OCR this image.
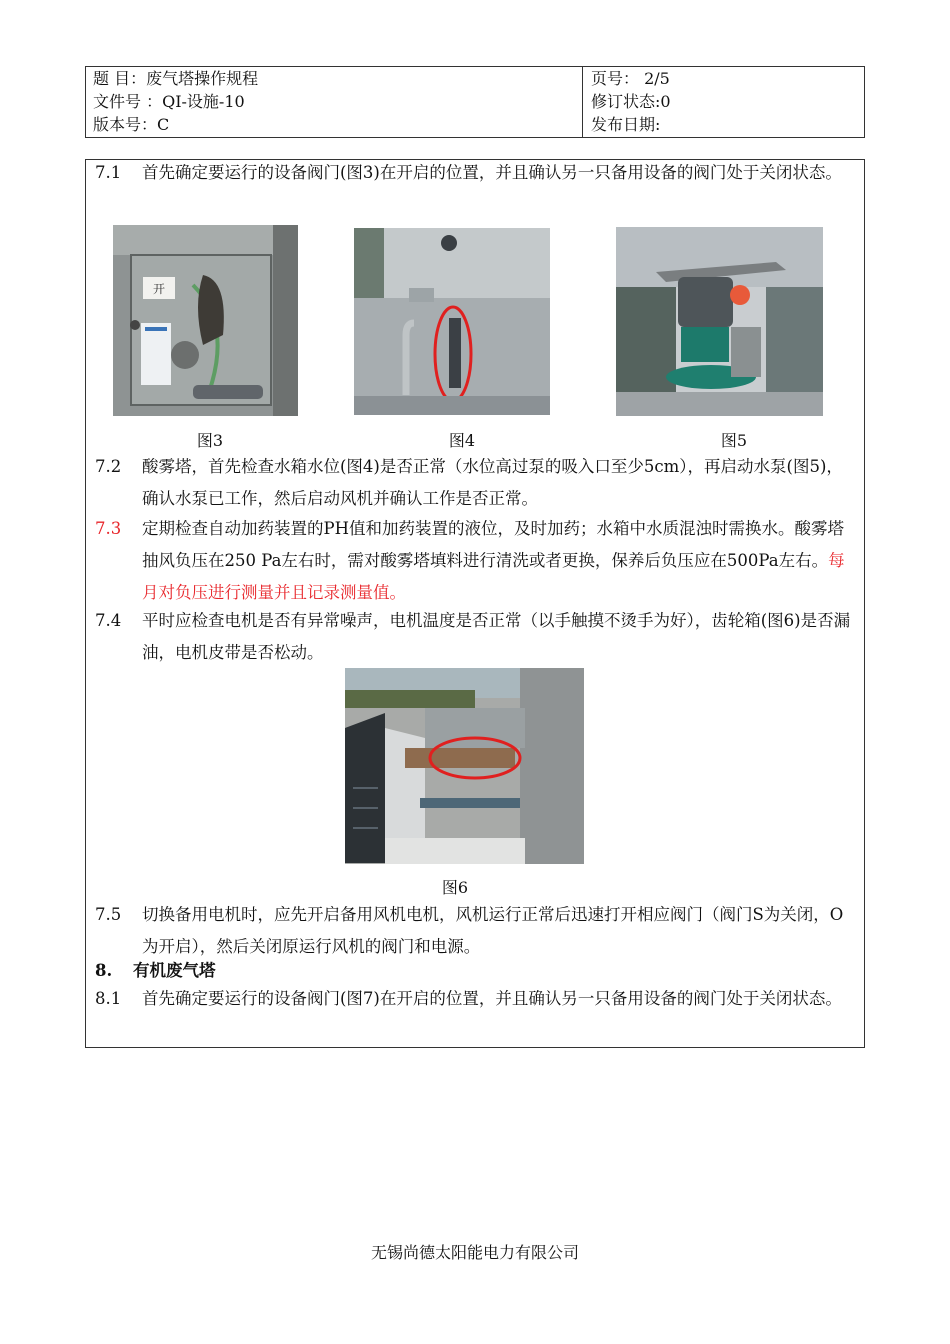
题 目：废气塔操作规程
文件号 ：QI-设施-10
版本号：C
页号： 2/5
修订状态:0
发布日期:
7.1 首先确定要运行的设备阀门(图3)在开启的位置，并且确认另一只备用设备的阀门处于关闭状态。
开
图3	图4	图5
7.2 酸雾塔，首先检查水箱水位(图4)是否正常（水位高过泵的吸入口至少5cm），再启动水泵(图5)，确认水泵已工作，然后启动风机并确认工作是否正常。
7.3 定期检查自动加药装置的PH值和加药装置的液位，及时加药；水箱中水质混浊时需换水。酸雾塔抽风负压在250 Pa左右时，需对酸雾塔填料进行清洗或者更换，保养后负压应在500Pa左右。每月对负压进行测量并且记录测量值。
7.4 平时应检查电机是否有异常噪声，电机温度是否正常（以手触摸不烫手为好），齿轮箱(图6)是否漏油，电机皮带是否松动。
图6
7.5 切换备用电机时，应先开启备用风机电机，风机运行正常后迅速打开相应阀门（阀门S为关闭，O为开启），然后关闭原运行风机的阀门和电源。
8. 有机废气塔
8.1 首先确定要运行的设备阀门(图7)在开启的位置，并且确认另一只备用设备的阀门处于关闭状态。
无锡尚德太阳能电力有限公司
